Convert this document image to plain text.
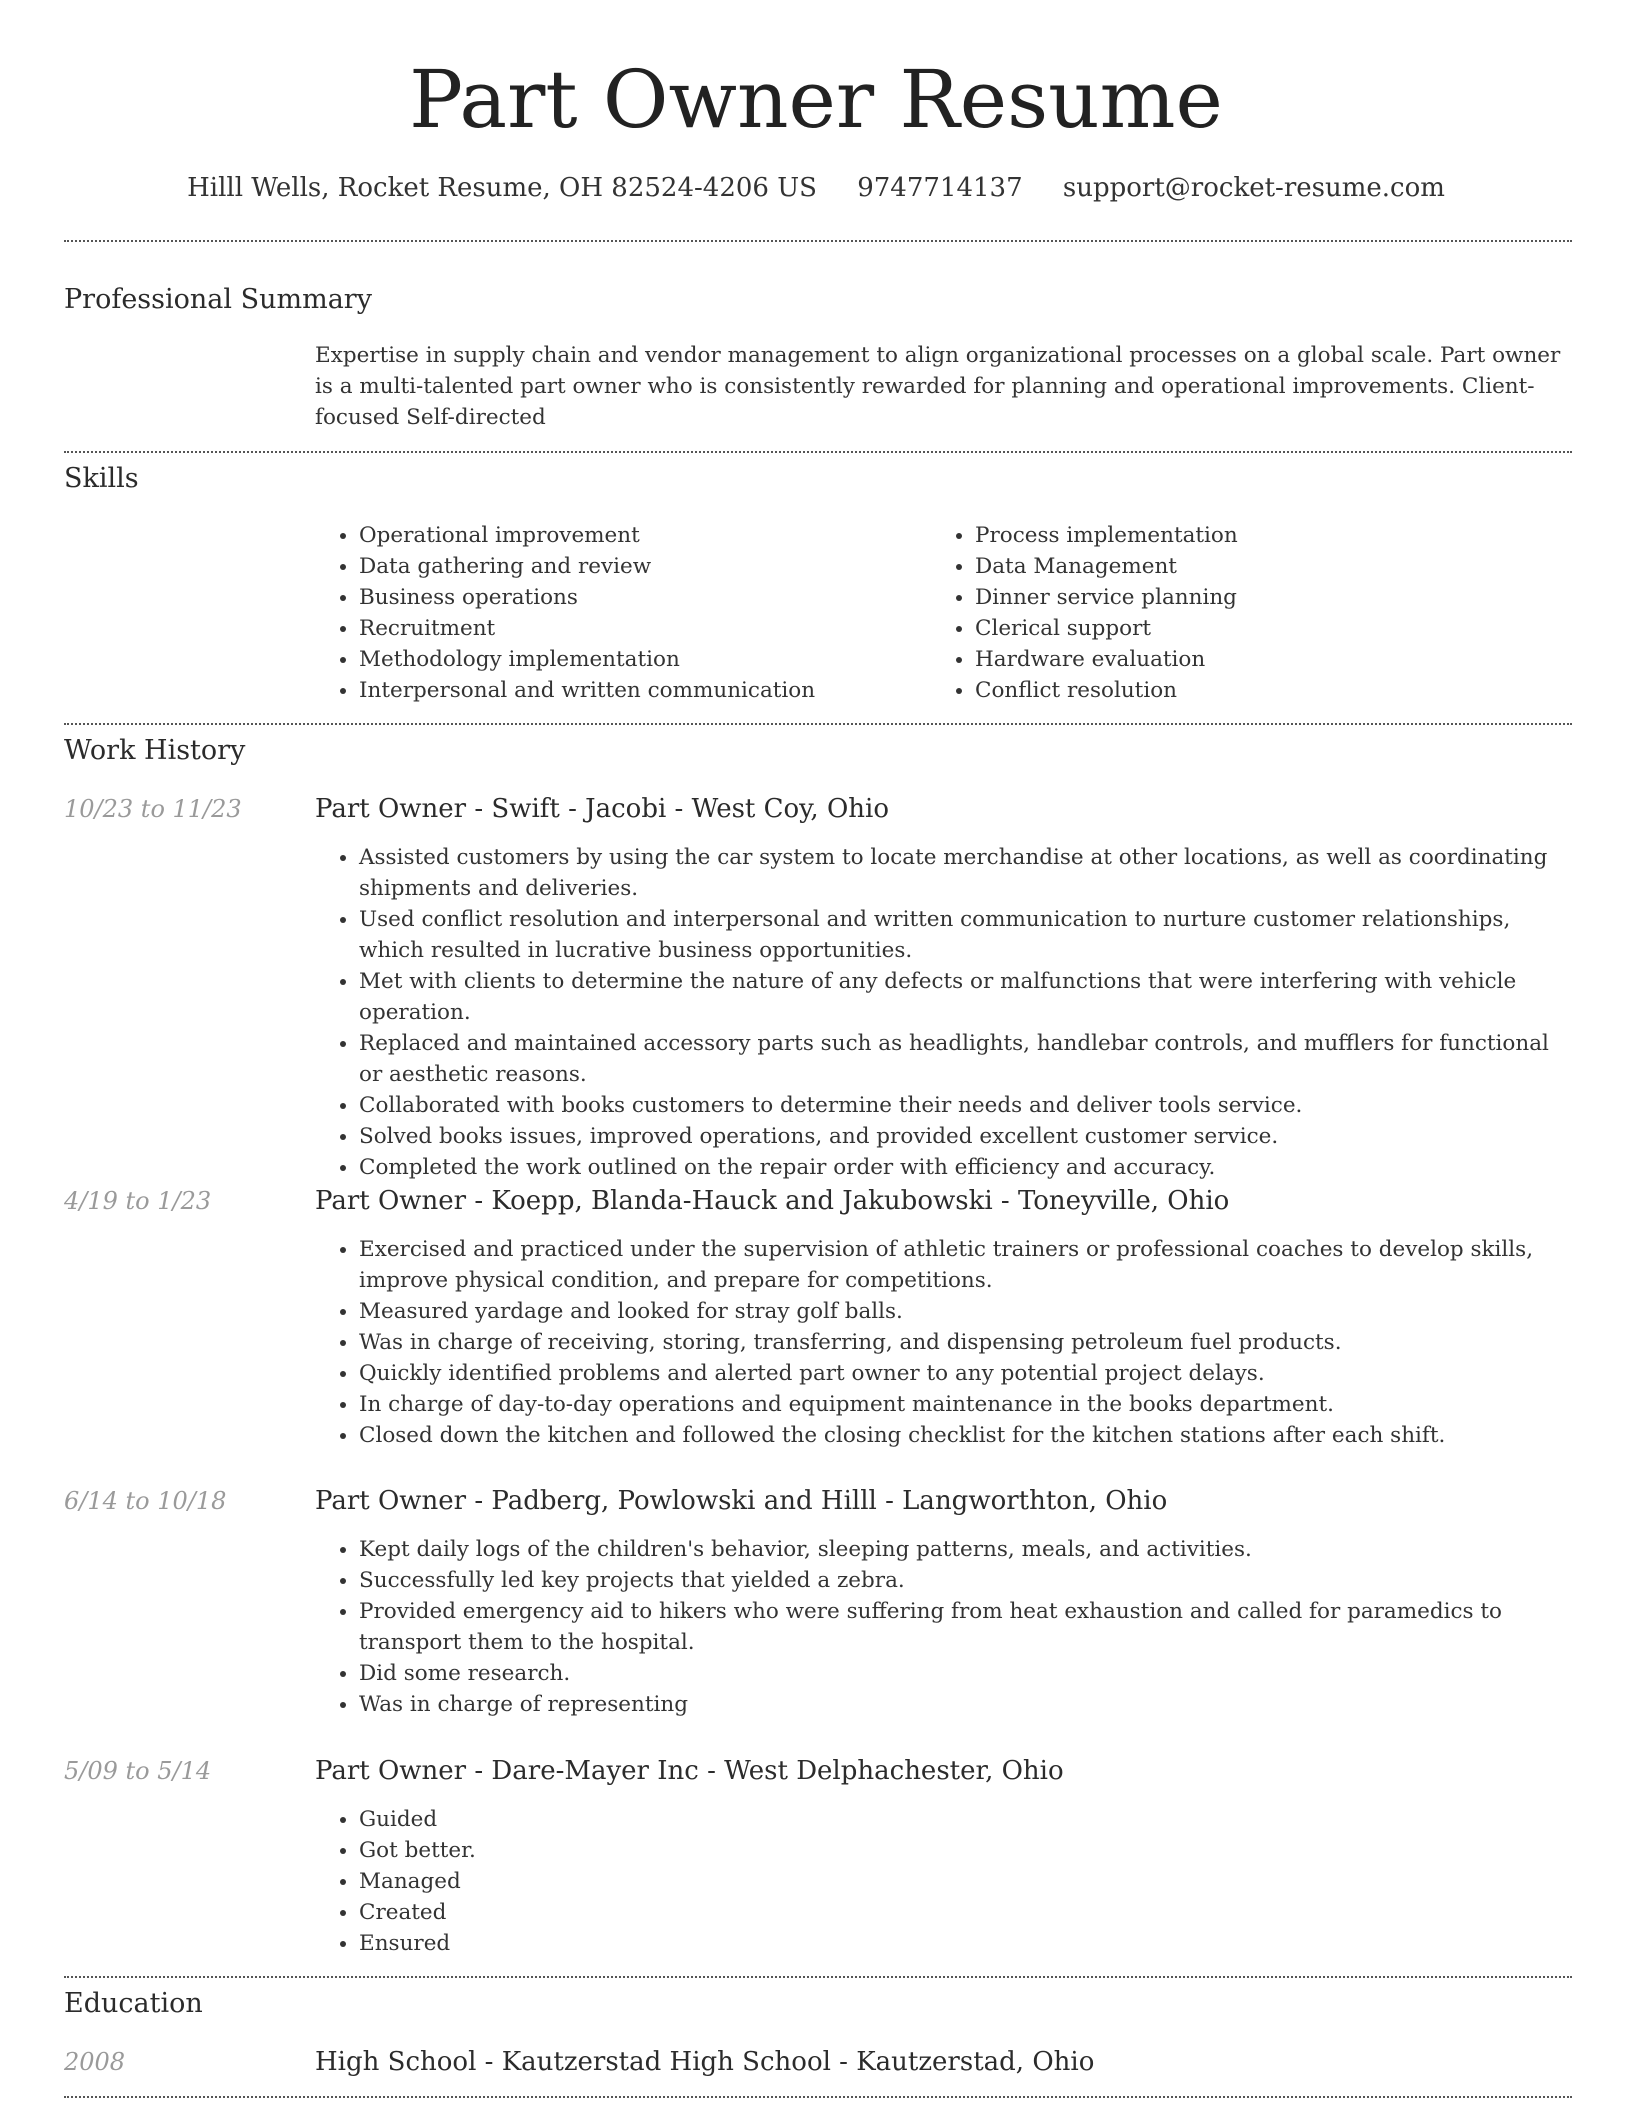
Part Owner Resume
Hilll Wells, Rocket Resume, OH 82524-4206 US 9747714137 support@rocket-resume.com
Professional Summary

Expertise in supply chain and vendor management to align organizational processes on a global scale. Part owner is a multi-talented part owner who is consistently rewarded for planning and operational improvements. Client-focused Self-directed

Skills
• Operational improvement
• Data gathering and review
• Business operations
• Recruitment
• Methodology implementation
• Interpersonal and written communication
• Process implementation
• Data Management
• Dinner service planning
• Clerical support
• Hardware evaluation
• Conflict resolution
Work History
10/23 to 11/23	Part Owner - Swift - Jacobi - West Coy, Ohio
• Assisted customers by using the car system to locate merchandise at other locations, as well as coordinating shipments and deliveries.
• Used conflict resolution and interpersonal and written communication to nurture customer relationships, which resulted in lucrative business opportunities.
• Met with clients to determine the nature of any defects or malfunctions that were interfering with vehicle operation.
• Replaced and maintained accessory parts such as headlights, handlebar controls, and mufflers for functional or aesthetic reasons.
• Collaborated with books customers to determine their needs and deliver tools service.
• Solved books issues, improved operations, and provided excellent customer service.
• Completed the work outlined on the repair order with efficiency and accuracy.
4/19 to 1/23	Part Owner - Koepp, Blanda-Hauck and Jakubowski - Toneyville, Ohio
• Exercised and practiced under the supervision of athletic trainers or professional coaches to develop skills, improve physical condition, and prepare for competitions.
• Measured yardage and looked for stray golf balls.
• Was in charge of receiving, storing, transferring, and dispensing petroleum fuel products.
• Quickly identified problems and alerted part owner to any potential project delays.
• In charge of day-to-day operations and equipment maintenance in the books department.
• Closed down the kitchen and followed the closing checklist for the kitchen stations after each shift.
6/14 to 10/18	Part Owner - Padberg, Powlowski and Hilll - Langworthton, Ohio
• Kept daily logs of the children's behavior, sleeping patterns, meals, and activities.
• Successfully led key projects that yielded a zebra.
• Provided emergency aid to hikers who were suffering from heat exhaustion and called for paramedics to transport them to the hospital.
• Did some research.
• Was in charge of representing
5/09 to 5/14	Part Owner - Dare-Mayer Inc - West Delphachester, Ohio
• Guided
• Got better.
• Managed
• Created
• Ensured
Education
2008	High School - Kautzerstad High School - Kautzerstad, Ohio
